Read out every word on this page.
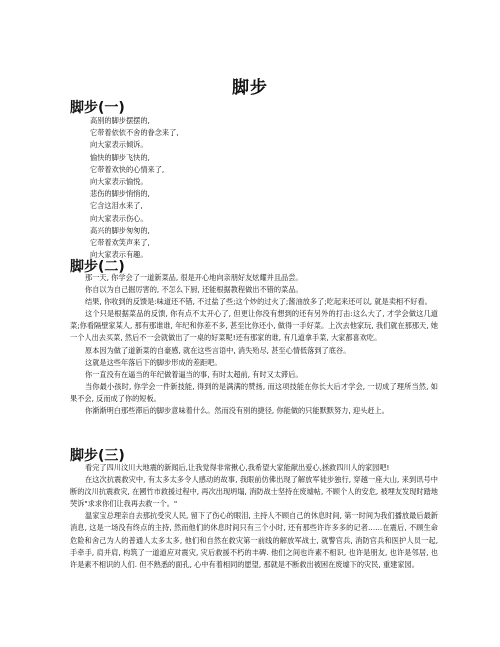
脚步
脚步(一)
高别的脚步摆摆的,
它带着依依不舍的眷念来了,
向大家表示倾诉。
愉快的脚步飞快的,
它带着欢快的心情来了,
向大家表示愉悦。
悲伤的脚步悄悄的,
它含这泪水来了,
向大家表示伤心。
高兴的脚步匆匆的,
它带着欢笑声来了,
向大家表示有趣。
脚步(二)

那一天, 你学会了一道新菜品, 很是开心地向亲朋好友炫耀并且品尝。

你自以为自己掘厉害的, 不怎么下厨, 还能根据教程做出不错的菜品。

结果, 你收到的反馈是:味道还不错, 不过盐了些;这个炒的过火了;酱油放多了;吃起来还可以, 就是卖相不好看。

这个只是根据菜品的反馈, 你有点不太开心了, 但更让你没有想到的还有另外的打击:这么大了, 才学会做这几道菜;你看隔壁家某人, 那有那谁谁, 年纪和你差不多, 甚至比你还小, 做得一手好菜。上次去他家玩, 我们就在那那天, 她一个人出去买菜, 然后不一会就做出了一桌的好菜呢!还有那家的谁, 有几道拿手菜, 大家都喜欢吃。

原本因为做了道新菜的自豪感, 就在这些言语中, 消失殆尽, 甚至心情低落到了底谷。

这就是这些年落后下的脚步形成的差距吧。

你一直没有在逼当的年纪做着逼当的事, 有时太超前, 有时又太滞后。

当你最小孩时, 你学会一件新技能, 得到的是满满的赞扬, 而这项技能在你长大后才学会, 一切成了理所当然, 如果不会, 反而成了你的短板。

你渐渐明白那些滞后的脚步意味着什么。然而没有别的捷径, 你能做的只能默默努力, 迎头赶上。

脚步(三)

看完了四川汶川大地震的新闻后,让我觉得非常揪心,我希望大家能献出爱心,拯救四川人的家园吧!

在这次抗震救灾中, 有太多太多令人感动的故事, 我眼前仿佛出现了解放军徒步独行, 穿越一座大山, 来到讯号中断的汶川抗震救灾, 在國竹市救援过程中, 再次出现坍塌, 消防战士坚持在废墟帖, 不顾个人的安危, 被埋友发现时踏地哭诉"求求你们让我再去救一个。"

温家宝总理亲自去那抗受灾人民, 留下了伤心的眼泪, 主持人不顾自己的休息时间, 第一时间为我们播放最后最新消息, 这是一场没有终点的主持, 然而他们的休息时间只有三个小时, 还有那些许许多多的记者……在震后, 不顾生命危险和舍己为人的普通人太多太多, 他们和自然在救灾第一前线的解放军战士, 就警官兵, 消防官兵和医护人员一起, 手牵手, 肩并肩, 构筑了一道道应对震灾, 灾后救援不朽的丰碑. 他们之间也许素不相识, 也许是朋友, 也许是邻居, 也许是素不相识的人们. 但不熟悉的面孔, 心中有着相同的愿望, 那就是不断救出被困在废墟下的灾民, 重建家园。
